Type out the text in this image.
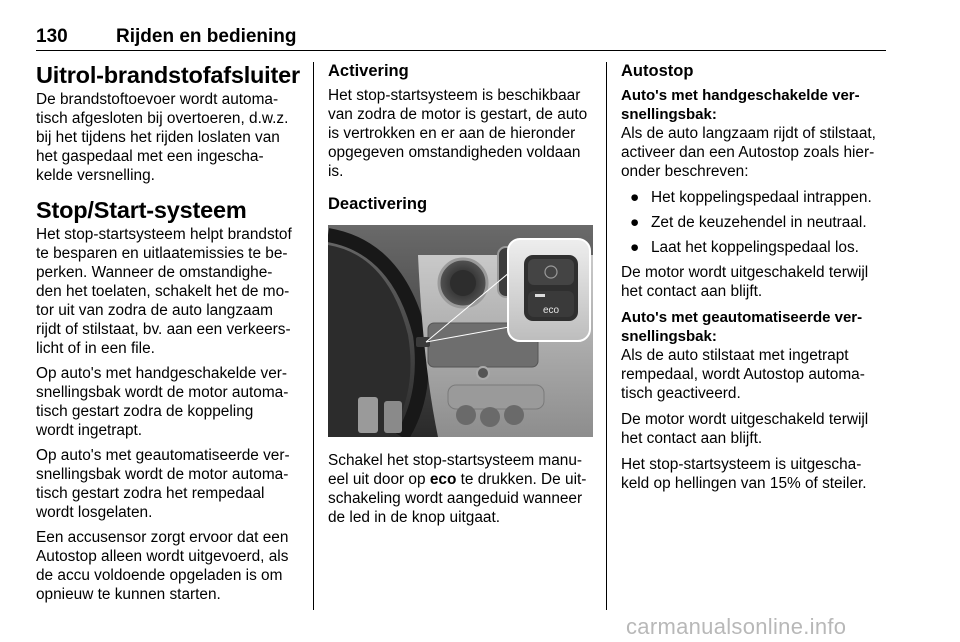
130	Rijden en bediening
Uitrol-brandstofafsluiter

De brandstoftoevoer wordt automa-
tisch afgesloten bij overtoeren, d.w.z.
bij het tijdens het rijden loslaten van
het gaspedaal met een ingescha-
kelde versnelling.

Stop/Start-systeem

Het stop-startsysteem helpt brandstof
te besparen en uitlaatemissies te be-
perken. Wanneer de omstandighe-
den het toelaten, schakelt het de mo-
tor uit van zodra de auto langzaam
rijdt of stilstaat, bv. aan een verkeers-
licht of in een file.

Op auto's met handgeschakelde ver-
snellingsbak wordt de motor automa-
tisch gestart zodra de koppeling
wordt ingetrapt.

Op auto's met geautomatiseerde ver-
snellingsbak wordt de motor automa-
tisch gestart zodra het rempedaal
wordt losgelaten.

Een accusensor zorgt ervoor dat een
Autostop alleen wordt uitgevoerd, als
de accu voldoende opgeladen is om
opnieuw te kunnen starten.

Activering

Het stop-startsysteem is beschikbaar
van zodra de motor is gestart, de auto
is vertrokken en er aan de hieronder
opgegeven omstandigheden voldaan
is.

Deactivering
eco

Schakel het stop-startsysteem manu-
eel uit door op eco te drukken. De uit-
schakeling wordt aangeduid wanneer
de led in de knop uitgaat.

Autostop
Auto's met handgeschakelde ver-
snellingsbak:

Als de auto langzaam rijdt of stilstaat,
activeer dan een Autostop zoals hier-
onder beschreven:

● Het koppelingspedaal intrappen.
● Zet de keuzehendel in neutraal.
● Laat het koppelingspedaal los.

De motor wordt uitgeschakeld terwijl
het contact aan blijft.

Auto's met geautomatiseerde ver-
snellingsbak:

Als de auto stilstaat met ingetrapt
rempedaal, wordt Autostop automa-
tisch geactiveerd.

De motor wordt uitgeschakeld terwijl
het contact aan blijft.

Het stop-startsysteem is uitgescha-
keld op hellingen van 15% of steiler.

carmanualsonline.info
